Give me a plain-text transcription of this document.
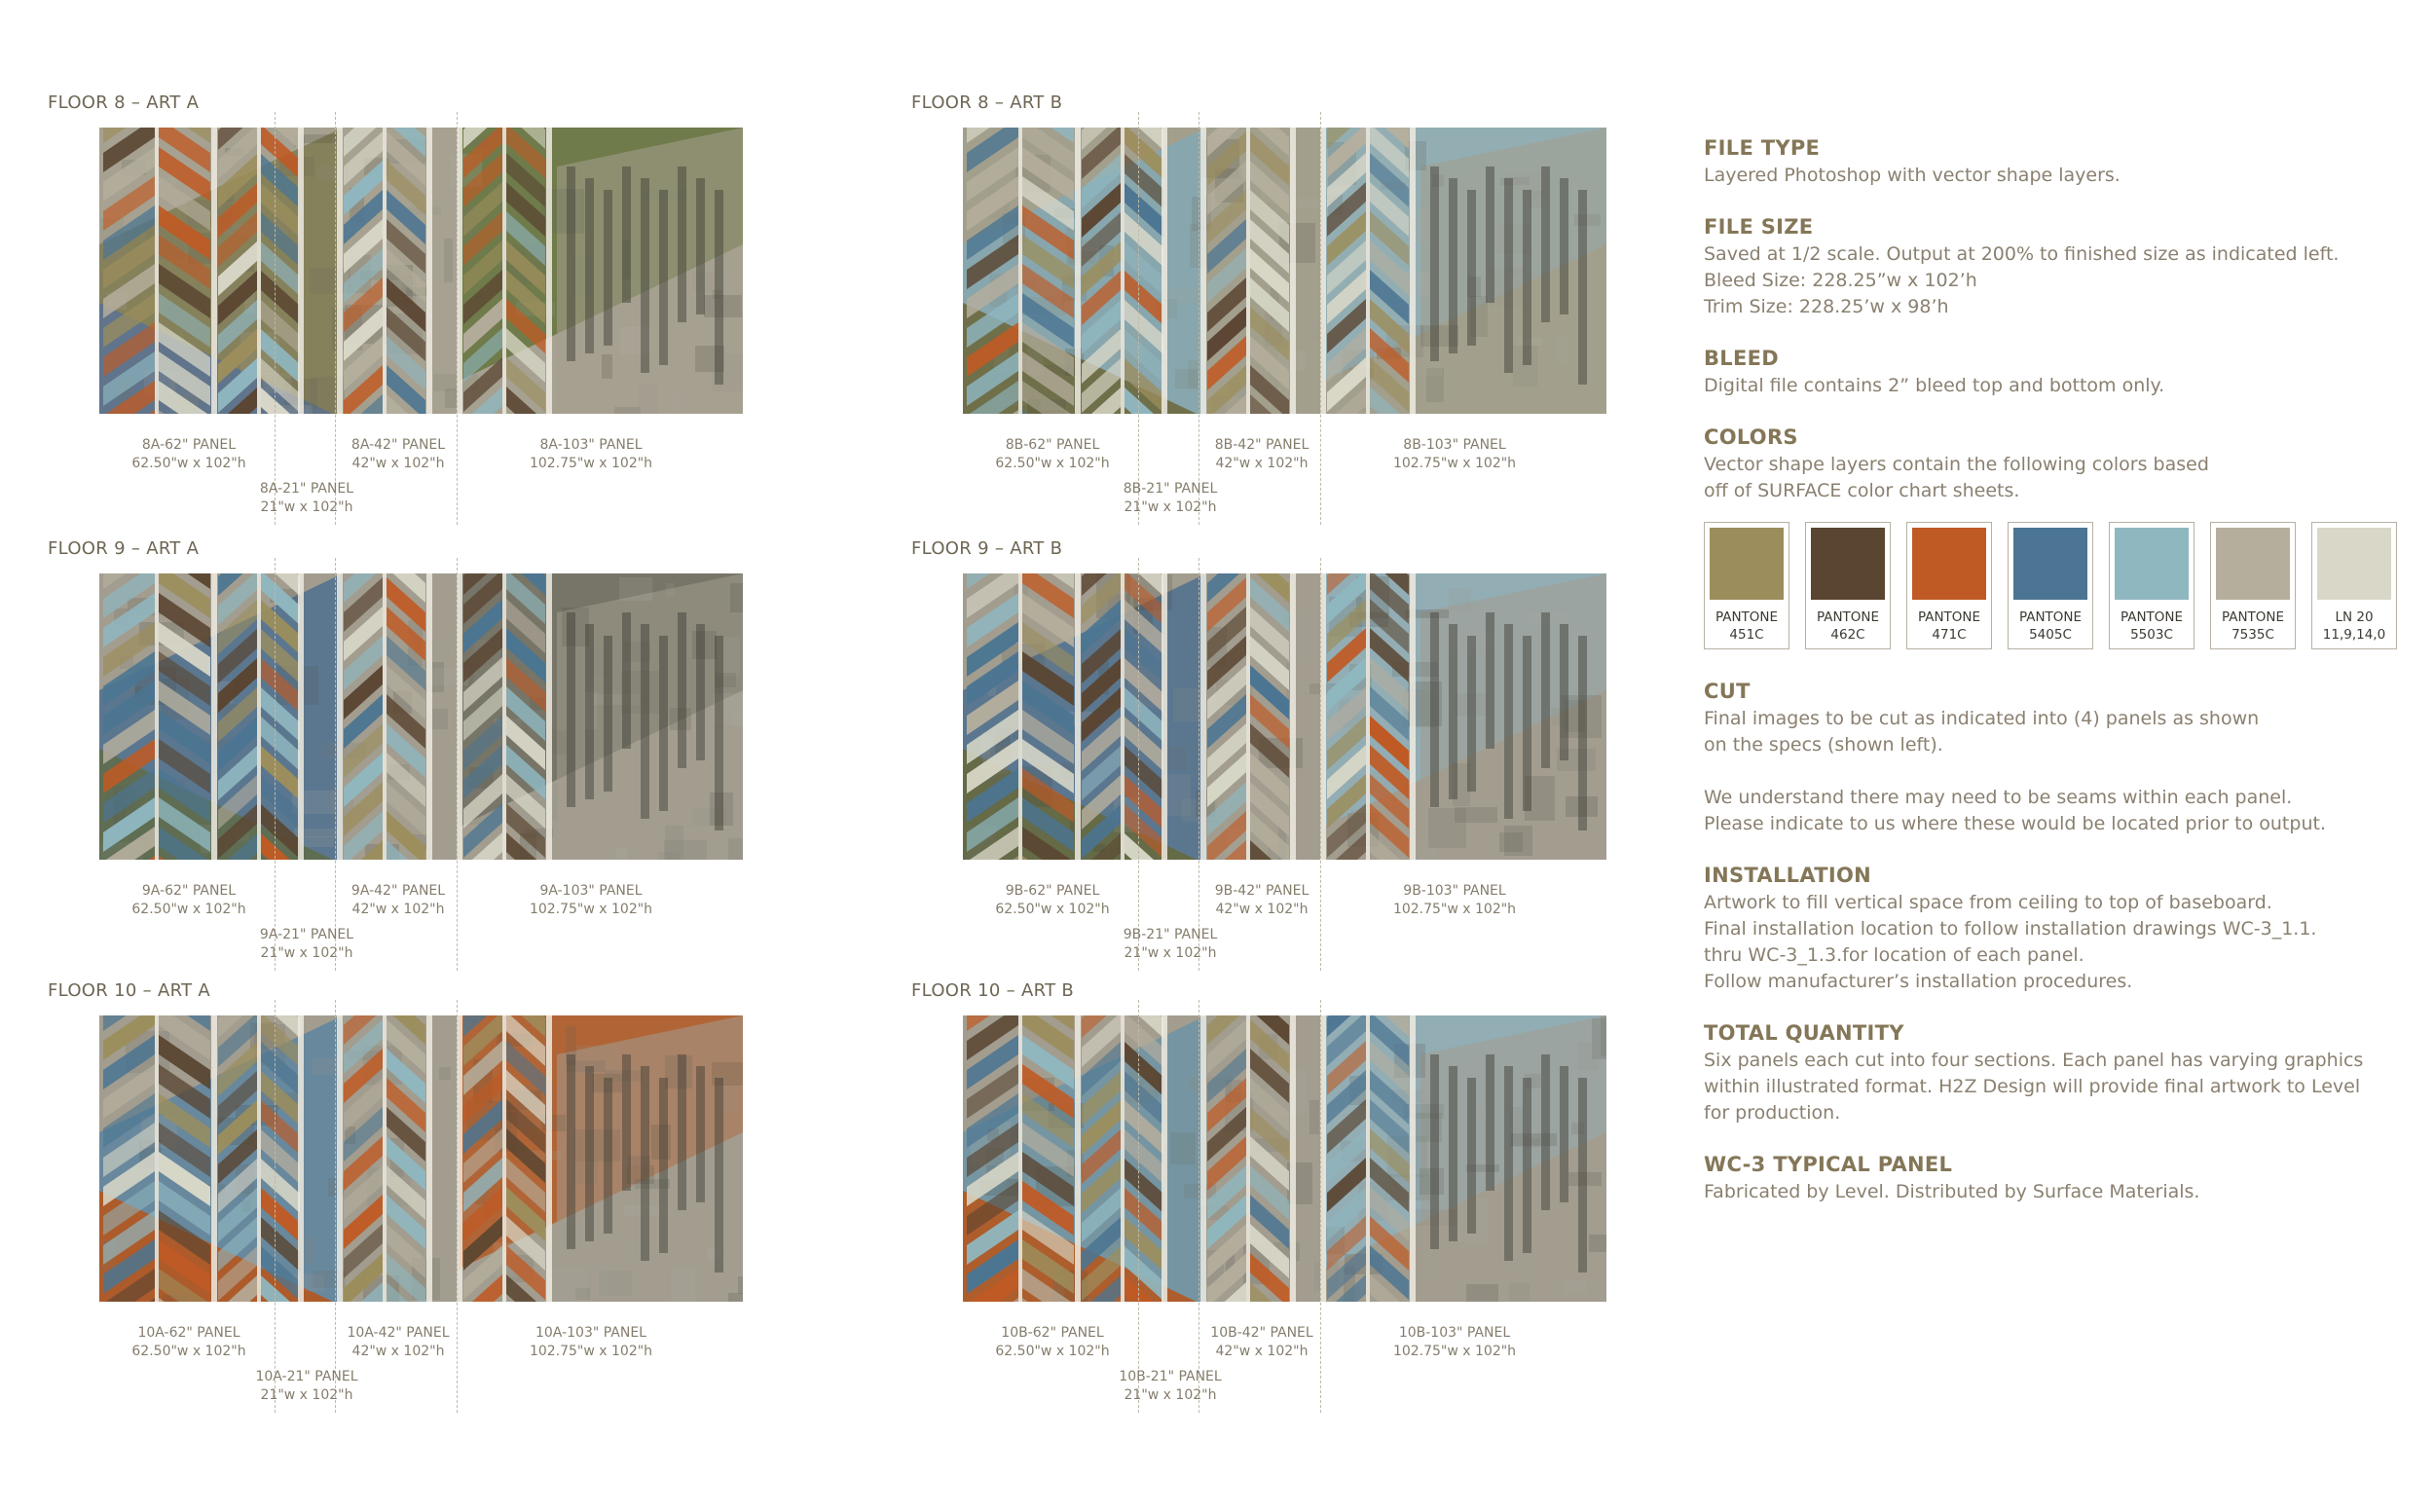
FLOOR 8 – ART A
8A-62" PANEL
62.50"w x 102"h
8A-21" PANEL
21"w x 102"h
8A-42" PANEL
42"w x 102"h
8A-103" PANEL
102.75"w x 102"h
FLOOR 8 – ART B
8B-62" PANEL
62.50"w x 102"h
8B-21" PANEL
21"w x 102"h
8B-42" PANEL
42"w x 102"h
8B-103" PANEL
102.75"w x 102"h
FLOOR 9 – ART A
9A-62" PANEL
62.50"w x 102"h
9A-21" PANEL
21"w x 102"h
9A-42" PANEL
42"w x 102"h
9A-103" PANEL
102.75"w x 102"h
FLOOR 9 – ART B
9B-62" PANEL
62.50"w x 102"h
9B-21" PANEL
21"w x 102"h
9B-42" PANEL
42"w x 102"h
9B-103" PANEL
102.75"w x 102"h
FLOOR 10 – ART A
10A-62" PANEL
62.50"w x 102"h
10A-21" PANEL
21"w x 102"h
10A-42" PANEL
42"w x 102"h
10A-103" PANEL
102.75"w x 102"h
FLOOR 10 – ART B
10B-62" PANEL
62.50"w x 102"h
10B-21" PANEL
21"w x 102"h
10B-42" PANEL
42"w x 102"h
10B-103" PANEL
102.75"w x 102"h
FILE TYPE
Layered Photoshop with vector shape layers.
FILE SIZE
Saved at 1/2 scale. Output at 200% to finished size as indicated left.
Bleed Size: 228.25”w x 102’h
Trim Size: 228.25’w x 98’h
BLEED
Digital file contains 2” bleed top and bottom only.
COLORS
Vector shape layers contain the following colors based
off of SURFACE color chart sheets.
PANTONE
451C
PANTONE
462C
PANTONE
471C
PANTONE
5405C
PANTONE
5503C
PANTONE
7535C
LN 20
11,9,14,0
CUT
Final images to be cut as indicated into (4) panels as shown
on the specs (shown left).

We understand there may need to be seams within each panel.
Please indicate to us where these would be located prior to output.
INSTALLATION
Artwork to fill vertical space from ceiling to top of baseboard.
Final installation location to follow installation drawings WC-3_1.1.
thru WC-3_1.3.for location of each panel.
Follow manufacturer’s installation procedures.
TOTAL QUANTITY
Six panels each cut into four sections. Each panel has varying graphics
within illustrated format. H2Z Design will provide final artwork to Level
for production.
WC-3 TYPICAL PANEL
Fabricated by Level. Distributed by Surface Materials.
